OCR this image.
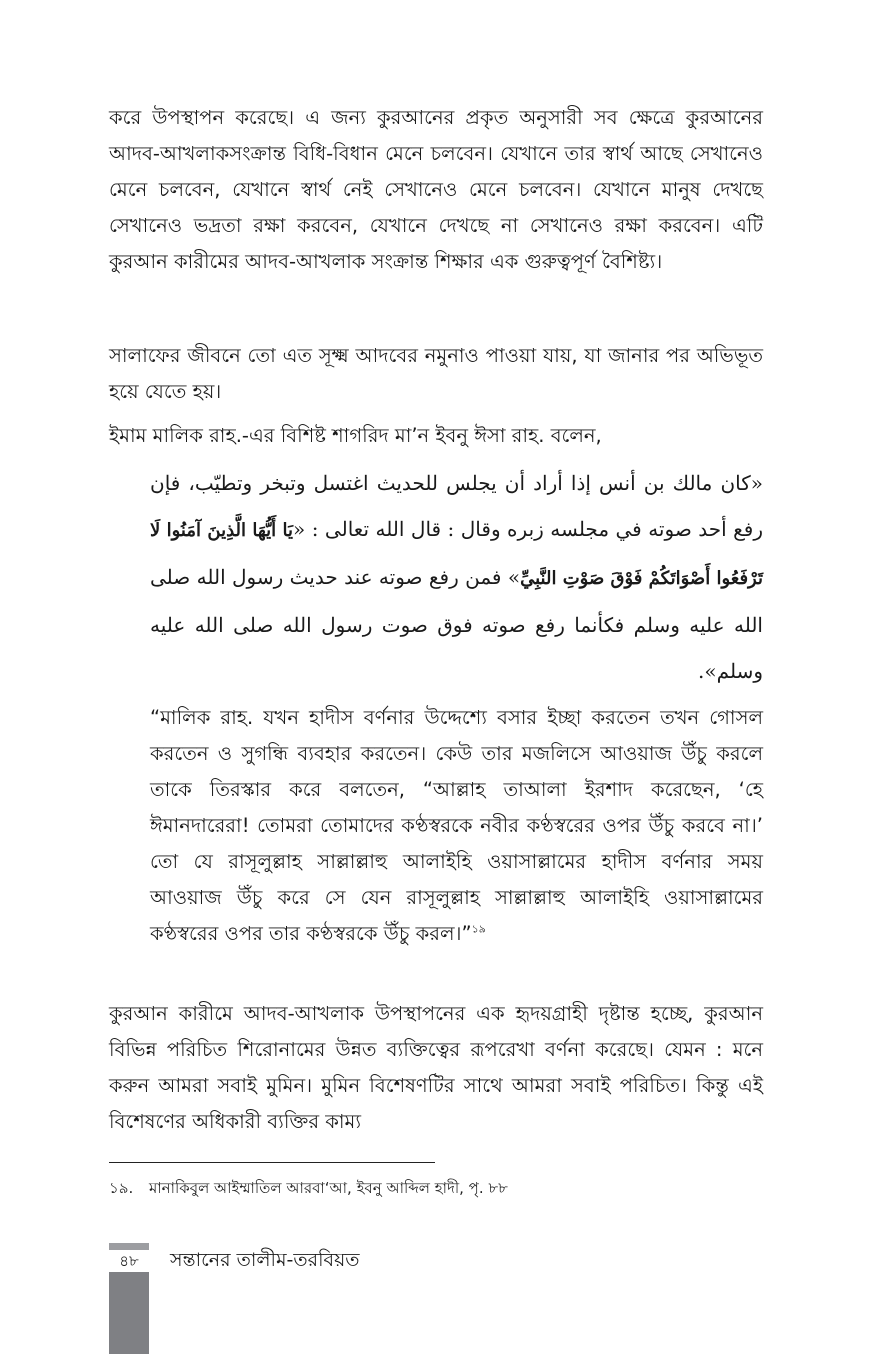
করে উপস্থাপন করেছে। এ জন্য কুরআনের প্রকৃত অনুসারী সব ক্ষেত্রে কুরআনের আদব-আখলাকসংক্রান্ত বিধি-বিধান মেনে চলবেন। যেখানে তার স্বার্থ আছে সেখানেও মেনে চলবেন, যেখানে স্বার্থ নেই সেখানেও মেনে চলবেন। যেখানে মানুষ দেখছে সেখানেও ভদ্রতা রক্ষা করবেন, যেখানে দেখছে না সেখানেও রক্ষা করবেন। এটি কুরআন কারীমের আদব-আখলাক সংক্রান্ত শিক্ষার এক গুরুত্বপূর্ণ বৈশিষ্ট্য।

সালাফের জীবনে তো এত সূক্ষ্ম আদবের নমুনাও পাওয়া যায়, যা জানার পর অভিভূত হয়ে যেতে হয়।

ইমাম মালিক রাহ.-এর বিশিষ্ট শাগরিদ মা’ন ইবনু ঈসা রাহ. বলেন,

«كان مالك بن أنس إذا أراد أن يجلس للحديث اغتسل وتبخر وتطيّب، فإن رفع أحد صوته في مجلسه زبره وقال : قال الله تعالى : «يَا أَيُّهَا الَّذِينَ آمَنُوا لَا تَرْفَعُوا أَصْوَاتَكُمْ فَوْقَ صَوْتِ النَّبِيِّ» فمن رفع صوته عند حديث رسول الله صلى الله عليه وسلم فكأنما رفع صوته فوق صوت رسول الله صلى الله عليه وسلم».

“মালিক রাহ. যখন হাদীস বর্ণনার উদ্দেশ্যে বসার ইচ্ছা করতেন তখন গোসল করতেন ও সুগন্ধি ব্যবহার করতেন। কেউ তার মজলিসে আওয়াজ উঁচু করলে তাকে তিরস্কার করে বলতেন, “আল্লাহ তাআলা ইরশাদ করেছেন, ‘হে ঈমানদারেরা! তোমরা তোমাদের কণ্ঠস্বরকে নবীর কণ্ঠস্বরের ওপর উঁচু করবে না।’ তো যে রাসূলুল্লাহ সাল্লাল্লাহু আলাইহি ওয়াসাল্লামের হাদীস বর্ণনার সময় আওয়াজ উঁচু করে সে যেন রাসূলুল্লাহ সাল্লাল্লাহু আলাইহি ওয়াসাল্লামের কণ্ঠস্বরের ওপর তার কণ্ঠস্বরকে উঁচু করল।”$^{১৯}$

কুরআন কারীমে আদব-আখলাক উপস্থাপনের এক হৃদয়গ্রাহী দৃষ্টান্ত হচ্ছে, কুরআন বিভিন্ন পরিচিত শিরোনামের উন্নত ব্যক্তিত্বের রূপরেখা বর্ণনা করেছে। যেমন : মনে করুন আমরা সবাই মুমিন। মুমিন বিশেষণটির সাথে আমরা সবাই পরিচিত। কিন্তু এই বিশেষণের অধিকারী ব্যক্তির কাম্য

১৯. মানাকিবুল আইম্মাতিল আরবা‘আ, ইবনু আব্দিল হাদী, পৃ. ৮৮
৪৮	সন্তানের তালীম-তরবিয়ত
